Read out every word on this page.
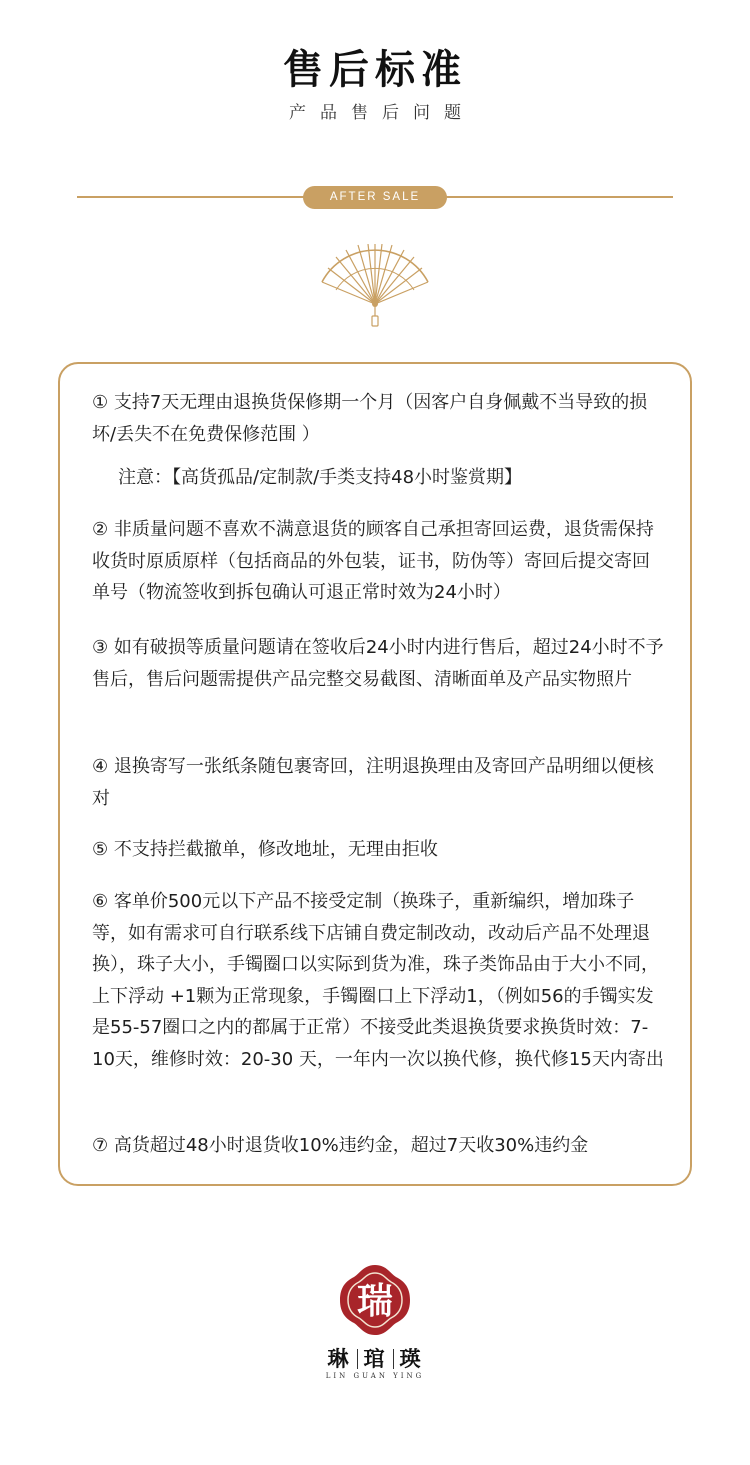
售后标准
产品售后问题
AFTER SALE
① 支持7天无理由退换货保修期一个月（因客户自身佩戴不当导致的损坏/丢失不在免费保修范围 ）
注意：【高货孤品/定制款/手类支持48小时鉴赏期】
② 非质量问题不喜欢不满意退货的顾客自己承担寄回运费，退货需保持收货时原质原样（包括商品的外包装，证书，防伪等）寄回后提交寄回单号（物流签收到拆包确认可退正常时效为24小时）
③ 如有破损等质量问题请在签收后24小时内进行售后，超过24小时不予售后，售后问题需提供产品完整交易截图、清晰面单及产品实物照片
④ 退换寄写一张纸条随包裹寄回，注明退换理由及寄回产品明细以便核对
⑤ 不支持拦截撤单，修改地址，无理由拒收
⑥ 客单价500元以下产品不接受定制（换珠子，重新编织，增加珠子等，如有需求可自行联系线下店铺自费定制改动，改动后产品不处理退换），珠子大小，手镯圈口以实际到货为准，珠子类饰品由于大小不同，上下浮动 +1颗为正常现象，手镯圈口上下浮动1，（例如56的手镯实发是55-57圈口之内的都属于正常）不接受此类退换货要求换货时效：7-10天，维修时效：20-30 天，一年内一次以换代修，换代修15天内寄出
⑦ 高货超过48小时退货收10%违约金，超过7天收30%违约金
瑞
琳 琯 瑛
LIN GUAN YING
